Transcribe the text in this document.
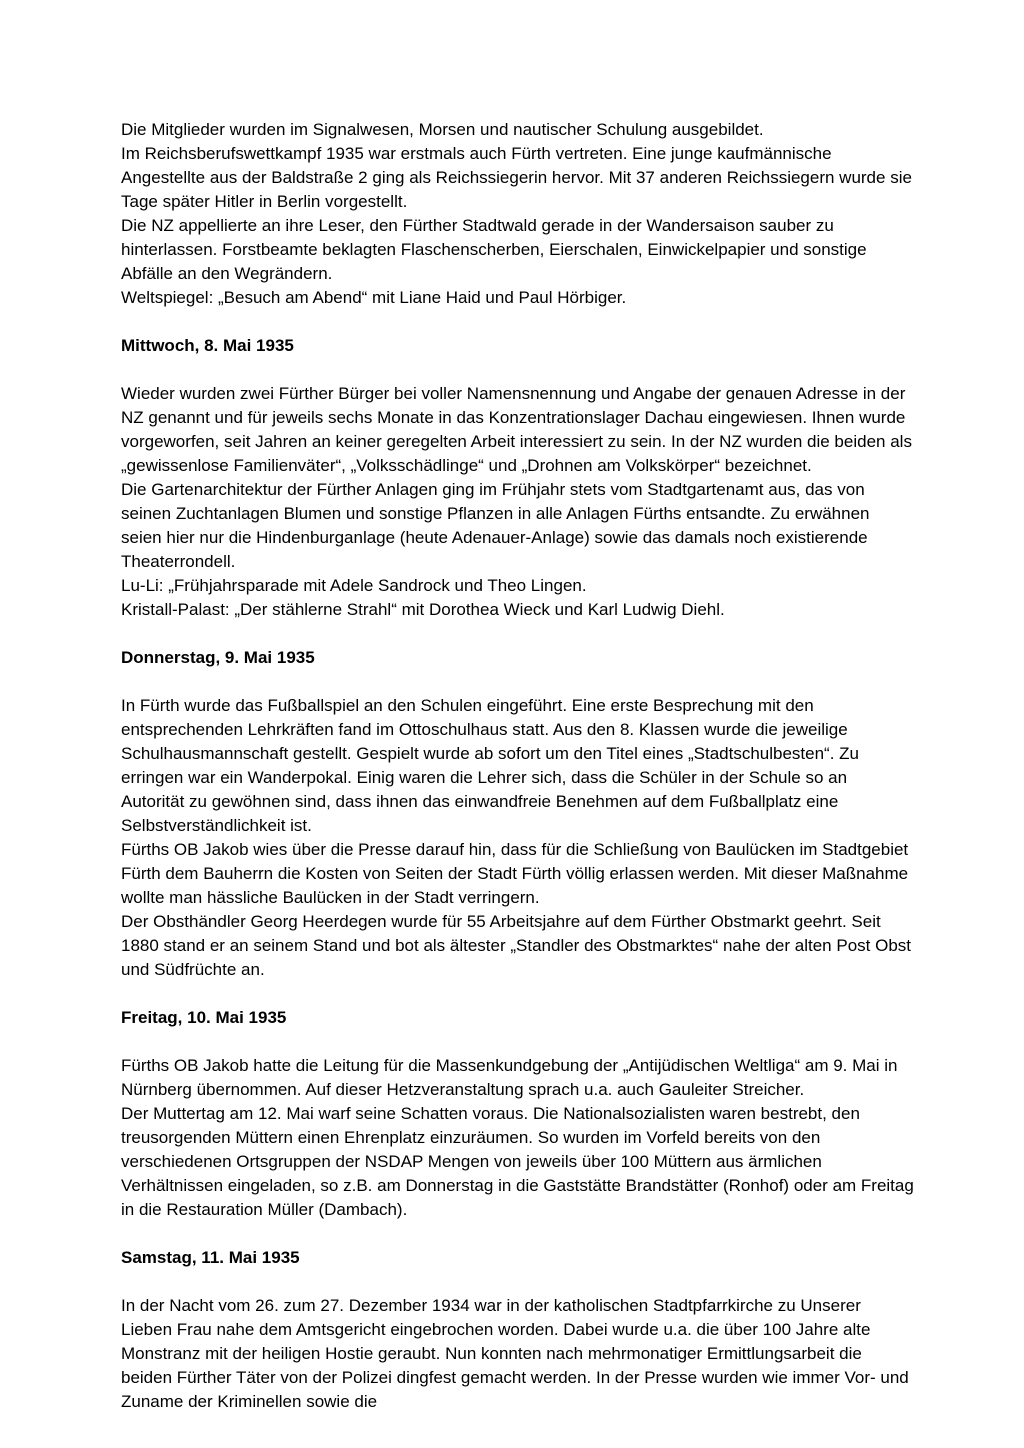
Die Mitglieder wurden im Signalwesen, Morsen und nautischer Schulung ausgebildet.

Im Reichsberufswettkampf 1935 war erstmals auch Fürth vertreten. Eine junge kaufmännische Angestellte aus der Baldstraße 2 ging als Reichssiegerin hervor. Mit 37 anderen Reichssiegern wurde sie Tage später Hitler in Berlin vorgestellt.

Die NZ appellierte an ihre Leser, den Fürther Stadtwald gerade in der Wandersaison sauber zu hinterlassen. Forstbeamte beklagten Flaschenscherben, Eierschalen, Einwickelpapier und sonstige Abfälle an den Wegrändern.

Weltspiegel: „Besuch am Abend“ mit Liane Haid und Paul Hörbiger.

Mittwoch, 8. Mai 1935

Wieder wurden zwei Fürther Bürger bei voller Namensnennung und Angabe der genauen Adresse in der NZ genannt und für jeweils sechs Monate in das Konzentrationslager Dachau eingewiesen. Ihnen wurde vorgeworfen, seit Jahren an keiner geregelten Arbeit interessiert zu sein. In der NZ wurden die beiden als „gewissenlose Familienväter“, „Volksschädlinge“ und „Drohnen am Volkskörper“ bezeichnet.

Die Gartenarchitektur der Fürther Anlagen ging im Frühjahr stets vom Stadtgartenamt aus, das von seinen Zuchtanlagen Blumen und sonstige Pflanzen in alle Anlagen Fürths entsandte. Zu erwähnen seien hier nur die Hindenburganlage (heute Adenauer-Anlage) sowie das damals noch existierende Theaterrondell.

Lu-Li: „Frühjahrsparade mit Adele Sandrock und Theo Lingen.

Kristall-Palast: „Der stählerne Strahl“ mit Dorothea Wieck und Karl Ludwig Diehl.

Donnerstag, 9. Mai 1935

In Fürth wurde das Fußballspiel an den Schulen eingeführt. Eine erste Besprechung mit den entsprechenden Lehrkräften fand im Ottoschulhaus statt. Aus den 8. Klassen wurde die jeweilige Schulhausmannschaft gestellt. Gespielt wurde ab sofort um den Titel eines „Stadtschulbesten“. Zu erringen war ein Wanderpokal. Einig waren die Lehrer sich, dass die Schüler in der Schule so an Autorität zu gewöhnen sind, dass ihnen das einwandfreie Benehmen auf dem Fußballplatz eine Selbstverständlichkeit ist.

Fürths OB Jakob wies über die Presse darauf hin, dass für die Schließung von Baulücken im Stadtgebiet Fürth dem Bauherrn die Kosten von Seiten der Stadt Fürth völlig erlassen werden. Mit dieser Maßnahme wollte man hässliche Baulücken in der Stadt verringern.

Der Obsthändler Georg Heerdegen wurde für 55 Arbeitsjahre auf dem Fürther Obstmarkt geehrt. Seit 1880 stand er an seinem Stand und bot als ältester „Standler des Obstmarktes“ nahe der alten Post Obst und Südfrüchte an.

Freitag, 10. Mai 1935

Fürths OB Jakob hatte die Leitung für die Massenkundgebung der „Antijüdischen Weltliga“ am 9. Mai in Nürnberg übernommen. Auf dieser Hetzveranstaltung sprach u.a. auch Gauleiter Streicher.

Der Muttertag am 12. Mai warf seine Schatten voraus. Die Nationalsozialisten waren bestrebt, den treusorgenden Müttern einen Ehrenplatz einzuräumen. So wurden im Vorfeld bereits von den verschiedenen Ortsgruppen der NSDAP Mengen von jeweils über 100 Müttern aus ärmlichen Verhältnissen eingeladen, so z.B. am Donnerstag in die Gaststätte Brandstätter (Ronhof) oder am Freitag in die Restauration Müller (Dambach).

Samstag, 11. Mai 1935

In der Nacht vom 26. zum 27. Dezember 1934 war in der katholischen Stadtpfarrkirche zu Unserer Lieben Frau nahe dem Amtsgericht eingebrochen worden. Dabei wurde u.a. die über 100 Jahre alte Monstranz mit der heiligen Hostie geraubt. Nun konnten nach mehrmonatiger Ermittlungsarbeit die beiden Fürther Täter von der Polizei dingfest gemacht werden. In der Presse wurden wie immer Vor- und Zuname der Kriminellen sowie die
